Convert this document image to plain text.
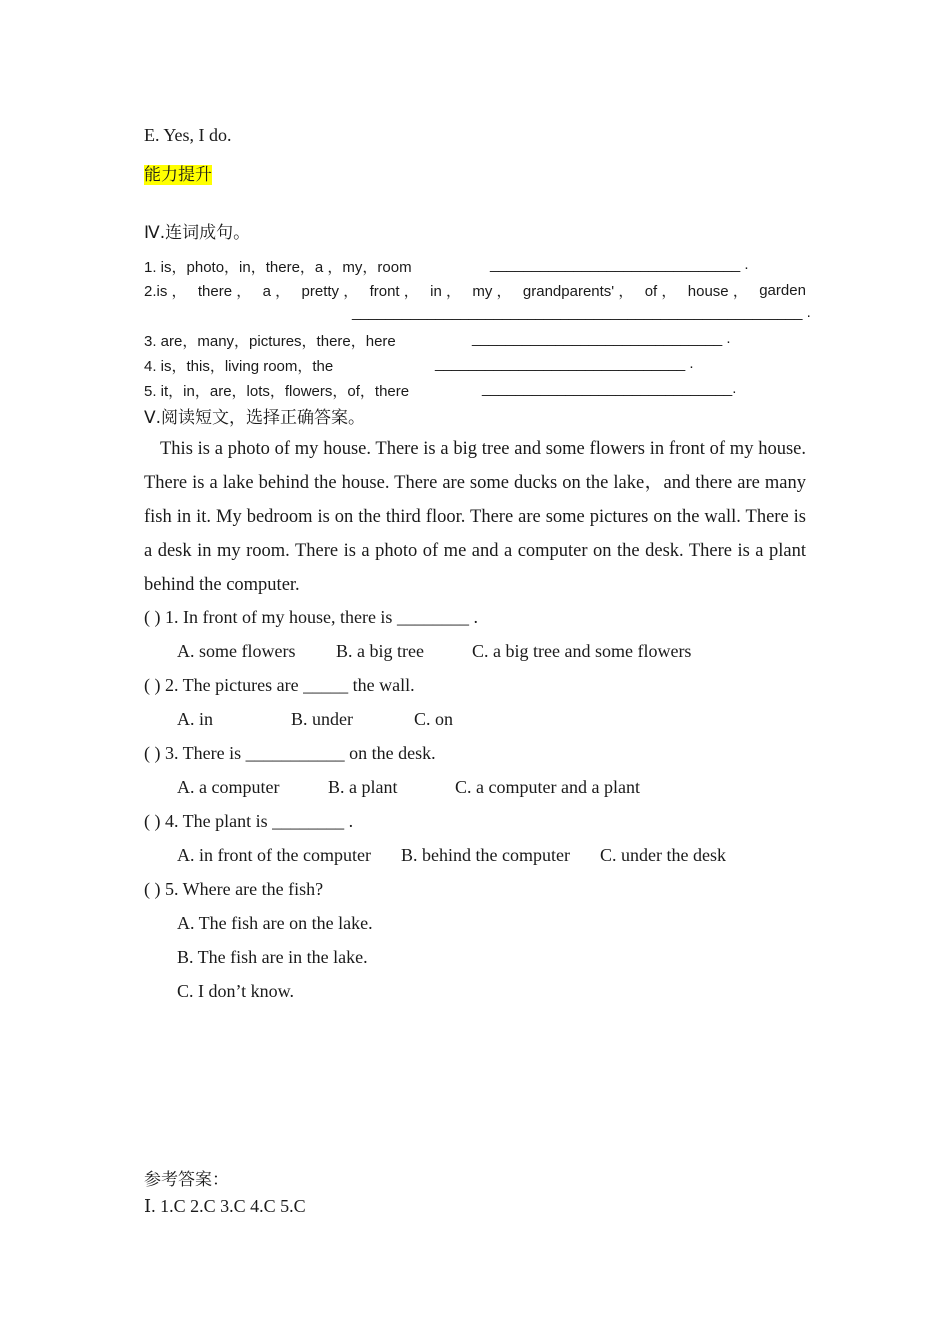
E. Yes, I do.
能力提升
Ⅳ.连词成句。
1. is，photo，in，there，a ，my，room	______________________________ .
2.is ， there ， a ， pretty ， front ， in ， my ， grandparents' ， of ， house ， garden
______________________________________________________ .
3. are，many，pictures，there，here	______________________________ .
4. is，this，living room，the	______________________________ .
5. it，in，are，lots，flowers，of，there	______________________________.
Ⅴ.阅读短文，选择正确答案。
This is a photo of my house. There is a big tree and some flowers in front of my house. There is a lake behind the house. There are some ducks on the lake，and there are many fish in it. My bedroom is on the third floor. There are some pictures on the wall. There is a desk in my room. There is a photo of me and a computer on the desk. There is a plant behind the computer.
( ) 1. In front of my house, there is ________ .
A. some flowers B. a big tree	C. a big tree and some flowers
( ) 2. The pictures are _____ the wall.
A. in	B. under	C. on
( ) 3. There is ___________ on the desk.
A. a computer	B. a plant	C. a computer and a plant
( ) 4. The plant is ________ .
A. in front of the computer B. behind the computer C. under the desk
( ) 5. Where are the fish?
A. The fish are on the lake.
B. The fish are in the lake.
C. I don’t know.
参考答案：
Ⅰ. 1.C 2.C 3.C 4.C 5.C
